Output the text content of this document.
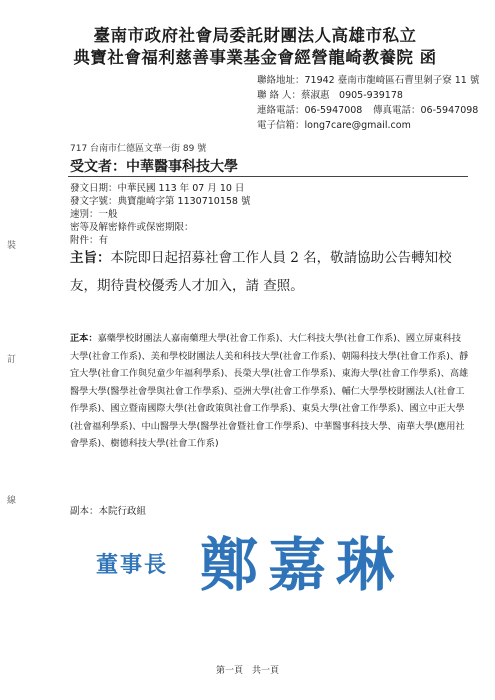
臺南市政府社會局委託財團法人高雄市私立
典寶社會福利慈善事業基金會經營龍崎教養院 函
聯絡地址：71942 臺南市龍崎區石曹里剝子寮 11 號
聯 絡 人：蔡淑惠　0905-939178
連絡電話：06-5947008 傳真電話：06-5947098
電子信箱：long7care@gmail.com
717 台南市仁德區文華一街 89 號
受文者：中華醫事科技大學
發文日期：中華民國 113 年 07 月 10 日
發文字號：典寶龍崎字第 1130710158 號
速別：一般
密等及解密條件或保密期限：
附件：有
主旨：本院即日起招募社會工作人員 2 名，敬請協助公告轉知校友，期待貴校優秀人才加入，請 查照。
正本：嘉藥學校財團法人嘉南藥理大學(社會工作系)、大仁科技大學(社會工作系)、國立屏東科技大學(社會工作系)、美和學校財團法人美和科技大學(社會工作系)、朝陽科技大學(社會工作系)、靜宜大學(社會工作與兒童少年福利學系)、長榮大學(社會工作學系)、東海大學(社會工作學系)、高雄醫學大學(醫學社會學與社會工作學系)、亞洲大學(社會工作學系)、輔仁大學學校財團法人(社會工作學系)、國立暨南國際大學(社會政策與社會工作學系)、東吳大學(社會工作學系)、國立中正大學(社會福利學系)、中山醫學大學(醫學社會暨社會工作學系)、中華醫事科技大學、南華大學(應用社會學系)、樹德科技大學(社會工作系)
副本：本院行政組
裝
訂
線
董事長 鄭嘉琳
第一頁　共一頁
